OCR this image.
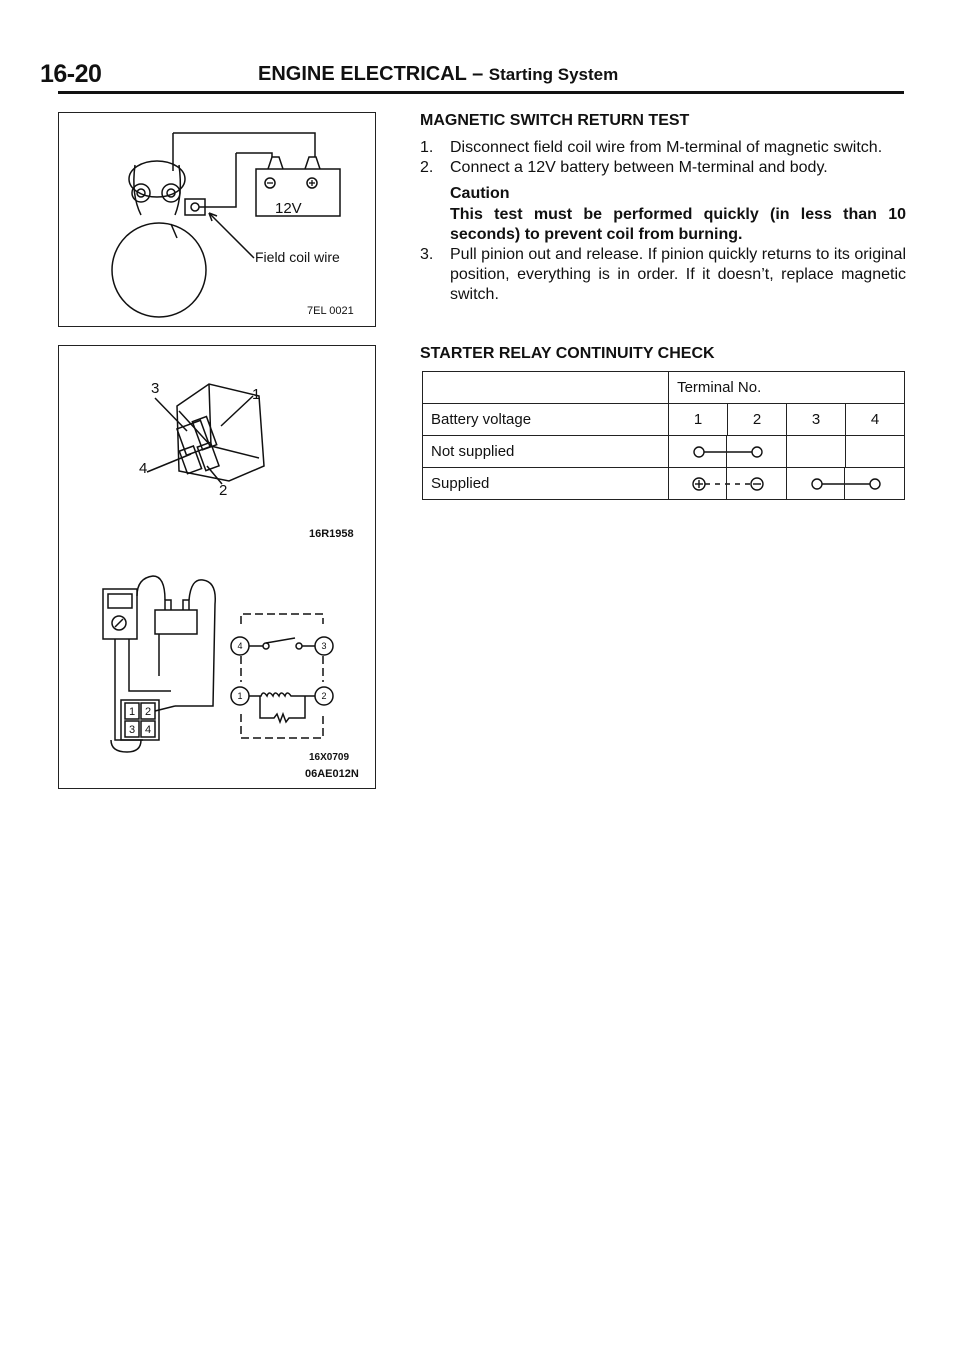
16-20	ENGINE ELECTRICAL – Starting System
12V
Field coil wire
7EL 0021
4	3
1	2
1 2
3 4
3	1
4
2
16R1958
16X0709
06AE012N
MAGNETIC SWITCH RETURN TEST
1.	Disconnect field coil wire from M-terminal of magnetic switch.
2.	Connect a 12V battery between M-terminal and body.
Caution
This test must be performed quickly (in less than 10 seconds) to prevent coil from burning.
3.	Pull pinion out and release. If pinion quickly returns to its original position, everything is in order. If it doesn’t, replace magnetic switch.
STARTER RELAY CONTINUITY CHECK
	Terminal No.			
Battery voltage	1	2	3	4
Not supplied	

Supplied	
